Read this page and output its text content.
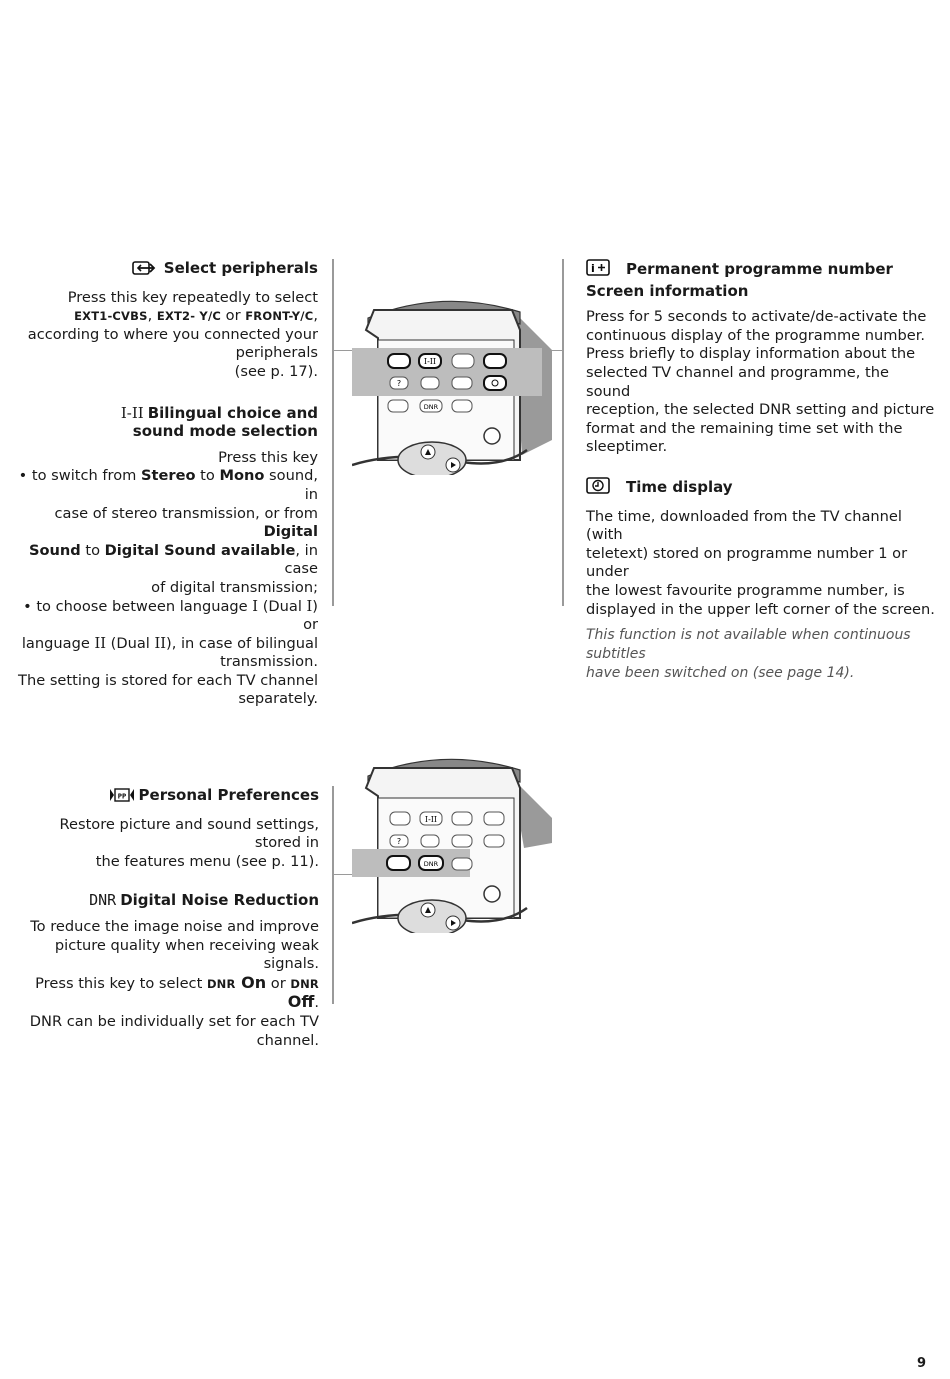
Select peripherals

Press this key repeatedly to select

EXT1-CVBS, EXT2- Y/C or FRONT-Y/C,

according to where you connected your

peripherals

(see p. 17).

I-II Bilingual choice and
sound mode selection

Press this key

• to switch from Stereo to Mono sound, in

case of stereo transmission, or from Digital

Sound to Digital Sound available, in case

of digital transmission;

• to choose between language I (Dual I) or

language II (Dual II), in case of bilingual

transmission.

The setting is stored for each TV channel

separately.

I-II
?
DNR
i Permanent programme number
Screen information

Press for 5 seconds to activate/de-activate the

continuous display of the programme number.

Press briefly to display information about the

selected TV channel and programme, the sound

reception, the selected DNR setting and picture

format and the remaining time set with the

sleeptimer.

Time display

The time, downloaded from the TV channel (with

teletext) stored on programme number 1 or under

the lowest favourite programme number, is

displayed in the upper left corner of the screen.

This function is not available when continuous subtitles

have been switched on (see page 14).

PP Personal Preferences

Restore picture and sound settings, stored in

the features menu (see p. 11).

DNR Digital Noise Reduction

To reduce the image noise and improve

picture quality when receiving weak signals.

Press this key to select DNR On or DNR Off.

DNR can be individually set for each TV

channel.

I-II
?
DNR
9
